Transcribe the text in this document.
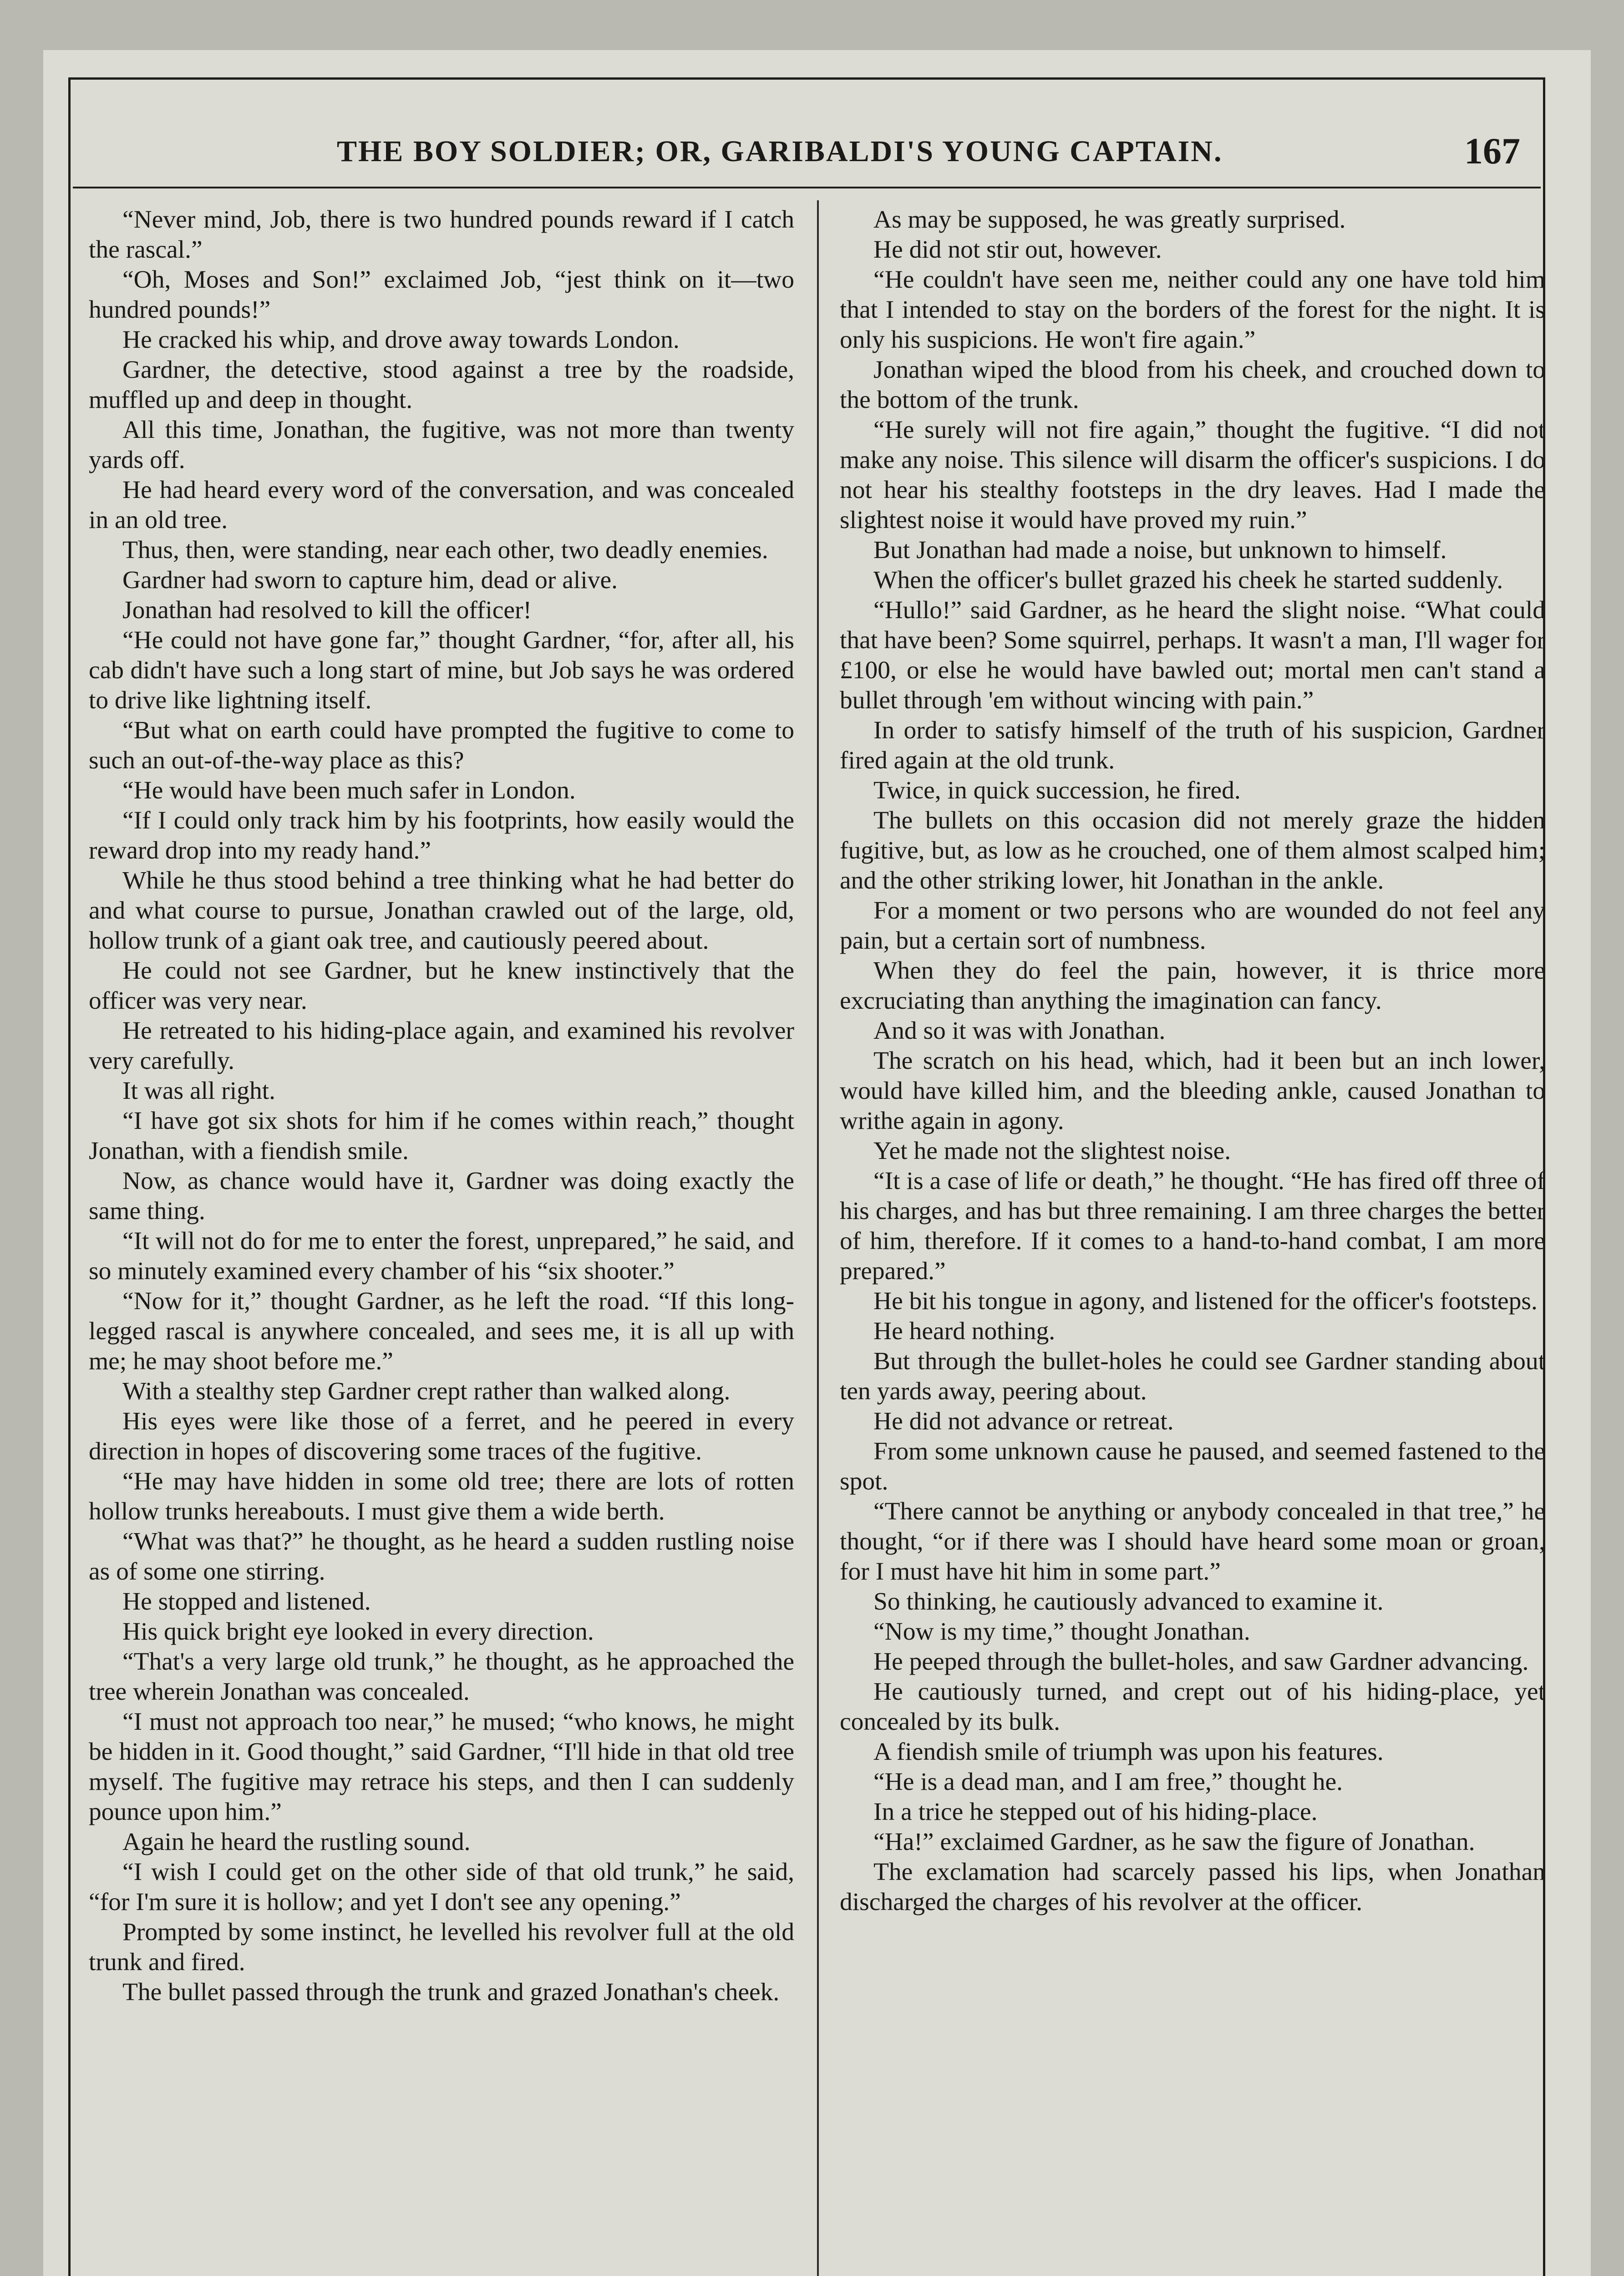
THE BOY SOLDIER; OR, GARIBALDI'S YOUNG CAPTAIN.	167

“Never mind, Job, there is two hundred pounds reward if I catch the rascal.”

“Oh, Moses and Son!” exclaimed Job, “jest think on it—two hundred pounds!”

He cracked his whip, and drove away towards London.

Gardner, the detective, stood against a tree by the roadside, muffled up and deep in thought.

All this time, Jonathan, the fugitive, was not more than twenty yards off.

He had heard every word of the conversation, and was concealed in an old tree.

Thus, then, were standing, near each other, two deadly enemies.

Gardner had sworn to capture him, dead or alive.

Jonathan had resolved to kill the officer!

“He could not have gone far,” thought Gardner, “for, after all, his cab didn't have such a long start of mine, but Job says he was ordered to drive like lightning itself.

“But what on earth could have prompted the fugitive to come to such an out-of-the-way place as this?

“He would have been much safer in London.

“If I could only track him by his footprints, how easily would the reward drop into my ready hand.”

While he thus stood behind a tree thinking what he had better do and what course to pursue, Jonathan crawled out of the large, old, hollow trunk of a giant oak tree, and cautiously peered about.

He could not see Gardner, but he knew instinctively that the officer was very near.

He retreated to his hiding-place again, and examined his revolver very carefully.

It was all right.

“I have got six shots for him if he comes within reach,” thought Jonathan, with a fiendish smile.

Now, as chance would have it, Gardner was doing exactly the same thing.

“It will not do for me to enter the forest, unprepared,” he said, and so minutely examined every chamber of his “six shooter.”

“Now for it,” thought Gardner, as he left the road. “If this long-legged rascal is anywhere concealed, and sees me, it is all up with me; he may shoot before me.”

With a stealthy step Gardner crept rather than walked along.

His eyes were like those of a ferret, and he peered in every direction in hopes of discovering some traces of the fugitive.

“He may have hidden in some old tree; there are lots of rotten hollow trunks hereabouts. I must give them a wide berth.

“What was that?” he thought, as he heard a sudden rustling noise as of some one stirring.

He stopped and listened.

His quick bright eye looked in every direction.

“That's a very large old trunk,” he thought, as he approached the tree wherein Jonathan was concealed.

“I must not approach too near,” he mused; “who knows, he might be hidden in it. Good thought,” said Gardner, “I'll hide in that old tree myself. The fugitive may retrace his steps, and then I can suddenly pounce upon him.”

Again he heard the rustling sound.

“I wish I could get on the other side of that old trunk,” he said, “for I'm sure it is hollow; and yet I don't see any opening.”

Prompted by some instinct, he levelled his revolver full at the old trunk and fired.

The bullet passed through the trunk and grazed Jonathan's cheek.

As may be supposed, he was greatly surprised.

He did not stir out, however.

“He couldn't have seen me, neither could any one have told him that I intended to stay on the borders of the forest for the night. It is only his suspicions. He won't fire again.”

Jonathan wiped the blood from his cheek, and crouched down to the bottom of the trunk.

“He surely will not fire again,” thought the fugitive. “I did not make any noise. This silence will disarm the officer's suspicions. I do not hear his stealthy footsteps in the dry leaves. Had I made the slightest noise it would have proved my ruin.”

But Jonathan had made a noise, but unknown to himself.

When the officer's bullet grazed his cheek he started suddenly.

“Hullo!” said Gardner, as he heard the slight noise. “What could that have been? Some squirrel, perhaps. It wasn't a man, I'll wager for £100, or else he would have bawled out; mortal men can't stand a bullet through 'em without wincing with pain.”

In order to satisfy himself of the truth of his suspicion, Gardner fired again at the old trunk.

Twice, in quick succession, he fired.

The bullets on this occasion did not merely graze the hidden fugitive, but, as low as he crouched, one of them almost scalped him; and the other striking lower, hit Jonathan in the ankle.

For a moment or two persons who are wounded do not feel any pain, but a certain sort of numbness.

When they do feel the pain, however, it is thrice more excruciating than anything the imagination can fancy.

And so it was with Jonathan.

The scratch on his head, which, had it been but an inch lower, would have killed him, and the bleeding ankle, caused Jonathan to writhe again in agony.

Yet he made not the slightest noise.

“It is a case of life or death,” he thought. “He has fired off three of his charges, and has but three remaining. I am three charges the better of him, therefore. If it comes to a hand-to-hand combat, I am more prepared.”

He bit his tongue in agony, and listened for the officer's footsteps.

He heard nothing.

But through the bullet-holes he could see Gardner standing about ten yards away, peering about.

He did not advance or retreat.

From some unknown cause he paused, and seemed fastened to the spot.

“There cannot be anything or anybody concealed in that tree,” he thought, “or if there was I should have heard some moan or groan, for I must have hit him in some part.”

So thinking, he cautiously advanced to examine it.

“Now is my time,” thought Jonathan.

He peeped through the bullet-holes, and saw Gardner advancing.

He cautiously turned, and crept out of his hiding-place, yet concealed by its bulk.

A fiendish smile of triumph was upon his features.

“He is a dead man, and I am free,” thought he.

In a trice he stepped out of his hiding-place.

“Ha!” exclaimed Gardner, as he saw the figure of Jonathan.

The exclamation had scarcely passed his lips, when Jonathan discharged the charges of his revolver at the officer.
